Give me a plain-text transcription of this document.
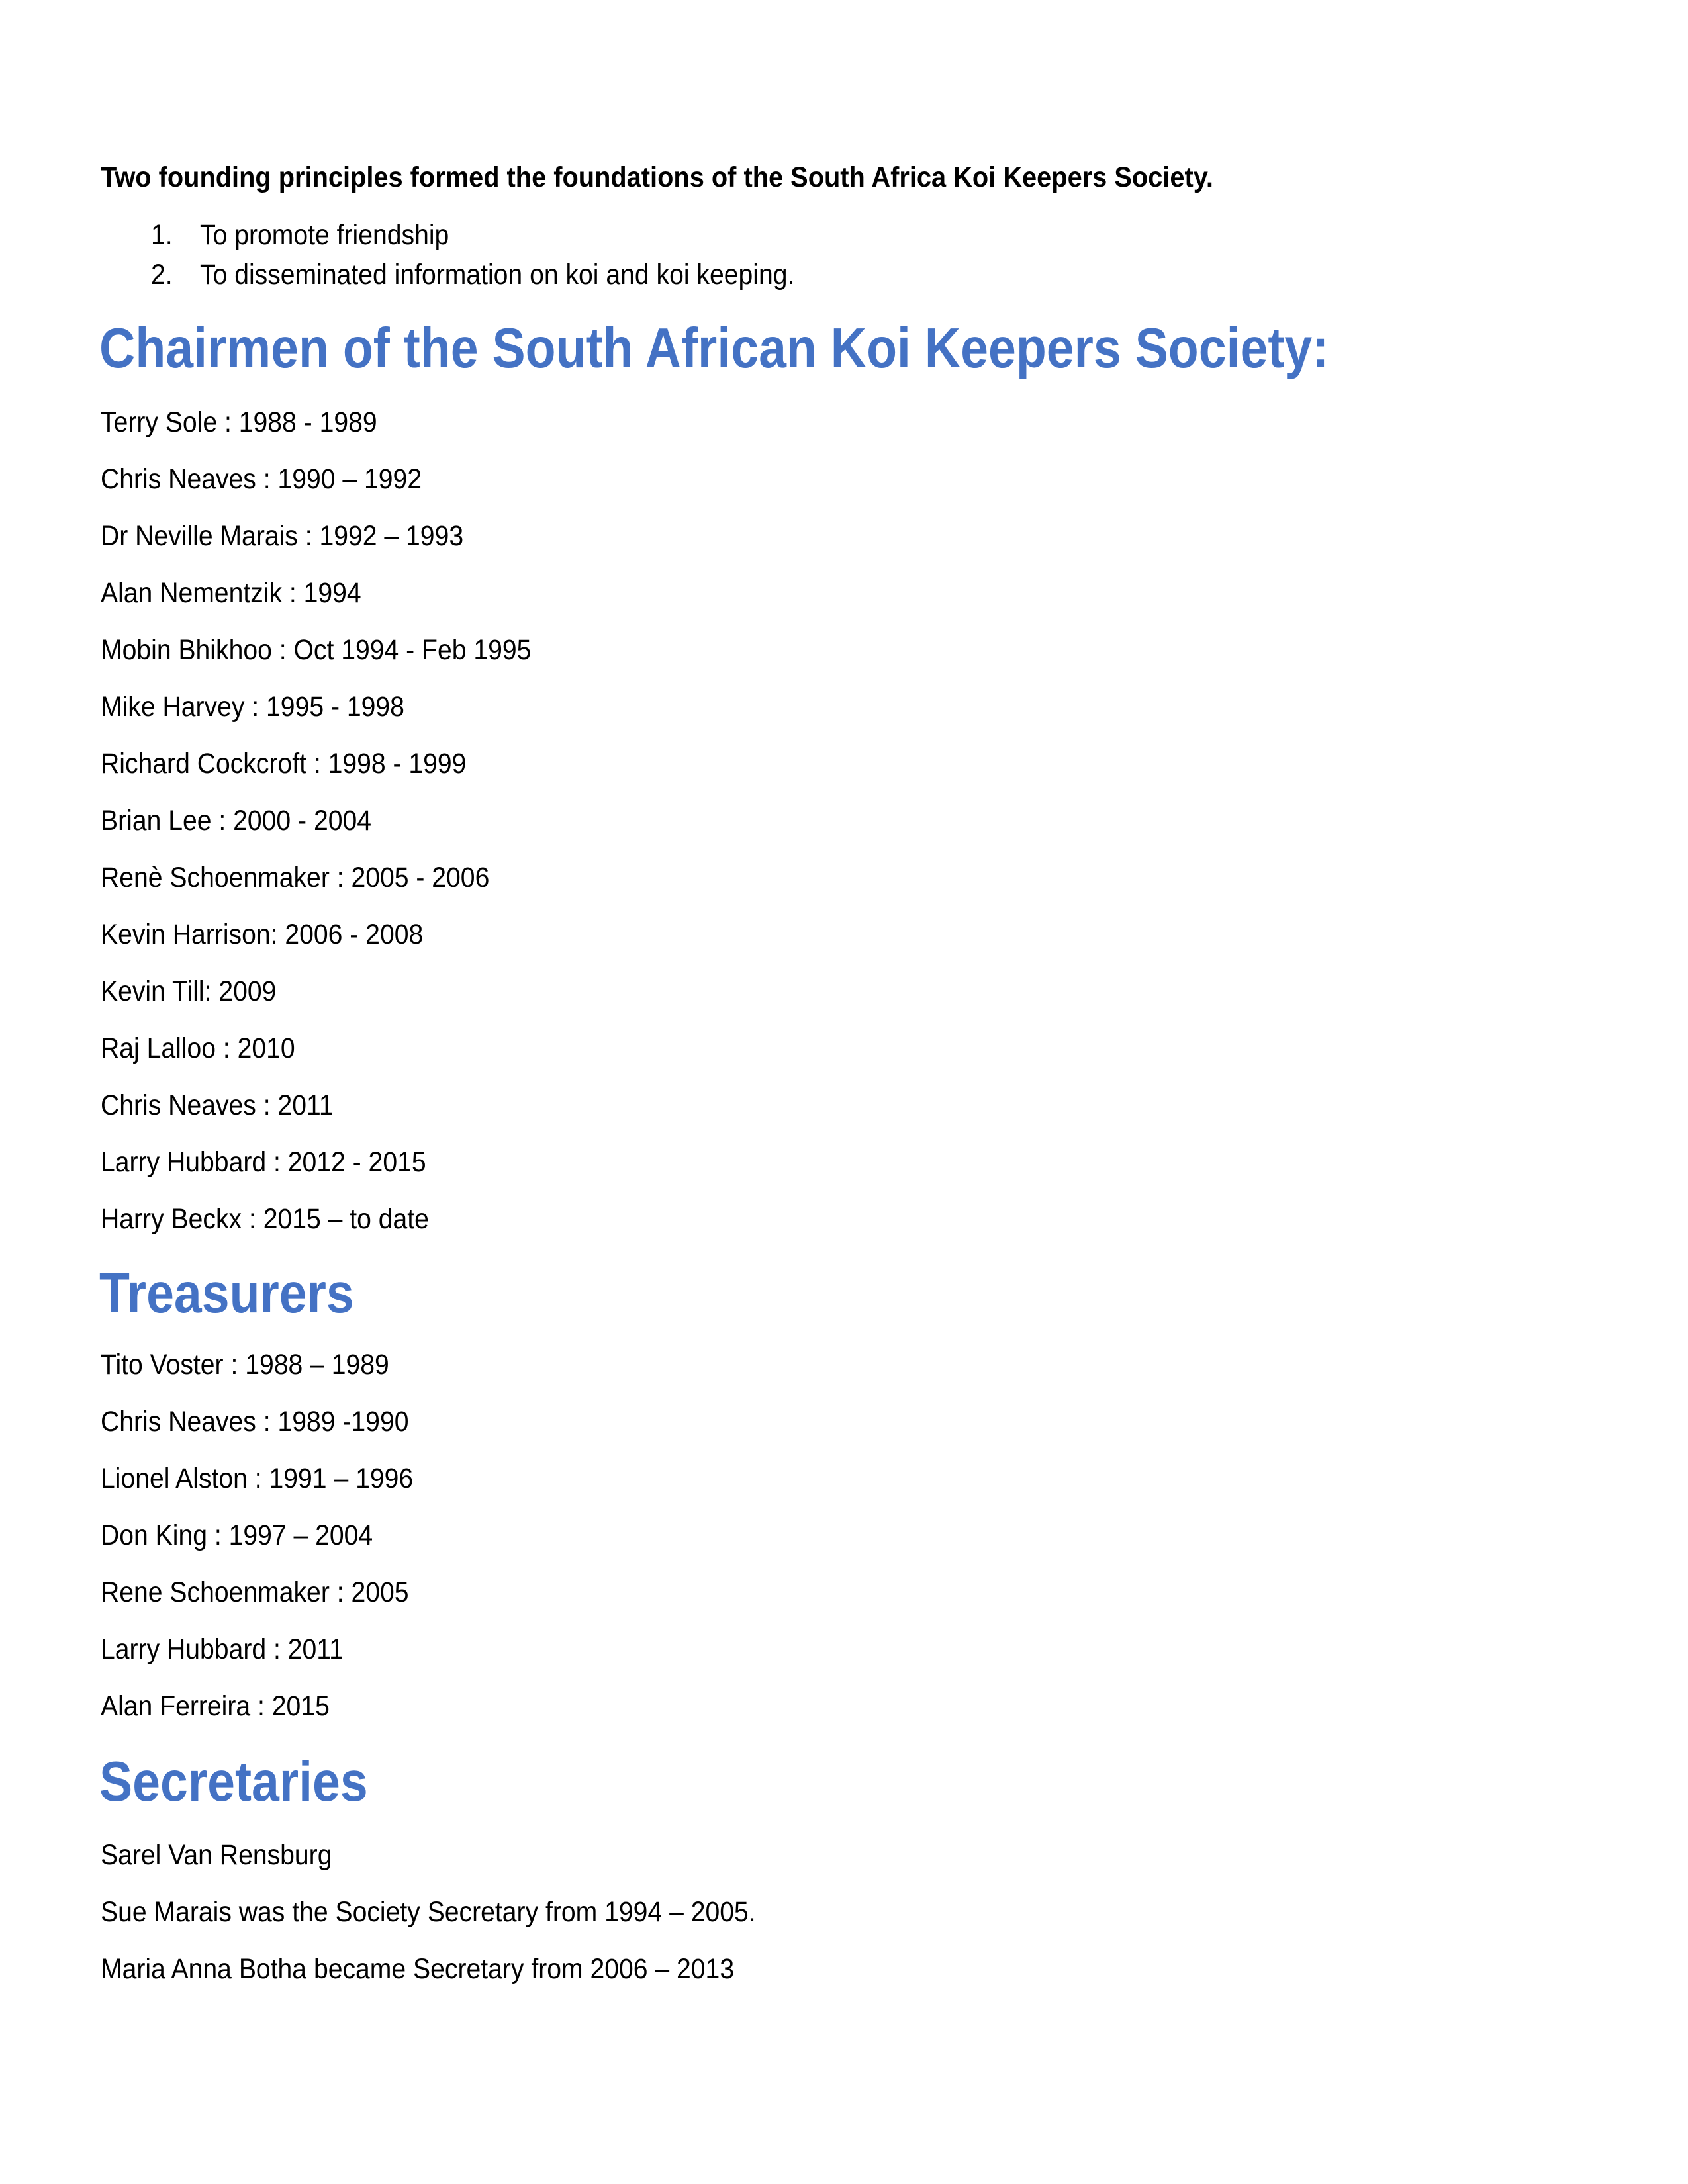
Two founding principles formed the foundations of the South Africa Koi Keepers Society.
1. To promote friendship
2. To disseminated information on koi and koi keeping.
Chairmen of the South African Koi Keepers Society:
Terry Sole : 1988 - 1989
Chris Neaves : 1990 – 1992
Dr Neville Marais : 1992 – 1993
Alan Nementzik : 1994
Mobin Bhikhoo : Oct 1994 - Feb 1995
Mike Harvey : 1995 - 1998
Richard Cockcroft : 1998 - 1999
Brian Lee : 2000 - 2004
Renè Schoenmaker : 2005 - 2006
Kevin Harrison: 2006 - 2008
Kevin Till: 2009
Raj Lalloo : 2010
Chris Neaves : 2011
Larry Hubbard : 2012 - 2015
Harry Beckx : 2015 – to date
Treasurers
Tito Voster : 1988 – 1989
Chris Neaves : 1989 -1990
Lionel Alston : 1991 – 1996
Don King : 1997 – 2004
Rene Schoenmaker : 2005
Larry Hubbard : 2011
Alan Ferreira : 2015
Secretaries
Sarel Van Rensburg
Sue Marais was the Society Secretary from 1994 – 2005.
Maria Anna Botha became Secretary from 2006 – 2013
